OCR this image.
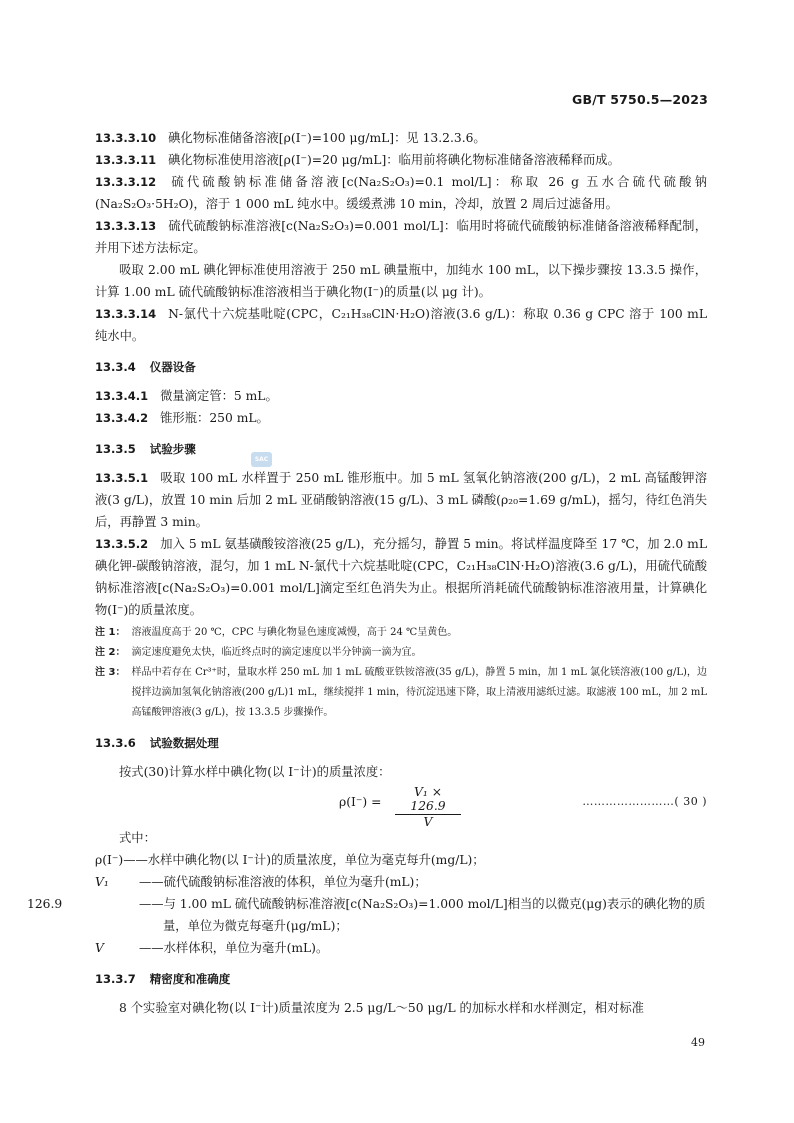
GB/T 5750.5—2023
SAC

13.3.3.10 碘化物标准储备溶液[ρ(I⁻)=100 μg/mL]：见 13.2.3.6。

13.3.3.11 碘化物标准使用溶液[ρ(I⁻)=20 μg/mL]：临用前将碘化物标准储备溶液稀释而成。

13.3.3.12 硫代硫酸钠标准储备溶液[c(Na₂S₂O₃)=0.1 mol/L]：称取 26 g 五水合硫代硫酸钠(Na₂S₂O₃·5H₂O)，溶于 1 000 mL 纯水中。缓缓煮沸 10 min，冷却，放置 2 周后过滤备用。

13.3.3.13 硫代硫酸钠标准溶液[c(Na₂S₂O₃)=0.001 mol/L]：临用时将硫代硫酸钠标准储备溶液稀释配制，并用下述方法标定。

吸取 2.00 mL 碘化钾标准使用溶液于 250 mL 碘量瓶中，加纯水 100 mL，以下操步骤按 13.3.5 操作，计算 1.00 mL 硫代硫酸钠标准溶液相当于碘化物(I⁻)的质量(以 μg 计)。

13.3.3.14 N-氯代十六烷基吡啶(CPC，C₂₁H₃₈ClN·H₂O)溶液(3.6 g/L)：称取 0.36 g CPC 溶于 100 mL 纯水中。

13.3.4 仪器设备

13.3.4.1 微量滴定管：5 mL。

13.3.4.2 锥形瓶：250 mL。

13.3.5 试验步骤

13.3.5.1 吸取 100 mL 水样置于 250 mL 锥形瓶中。加 5 mL 氢氧化钠溶液(200 g/L)，2 mL 高锰酸钾溶液(3 g/L)，放置 10 min 后加 2 mL 亚硝酸钠溶液(15 g/L)、3 mL 磷酸(ρ₂₀=1.69 g/mL)，摇匀，待红色消失后，再静置 3 min。

13.3.5.2 加入 5 mL 氨基磺酸铵溶液(25 g/L)，充分摇匀，静置 5 min。将试样温度降至 17 ℃，加 2.0 mL 碘化钾-碳酸钠溶液，混匀，加 1 mL N-氯代十六烷基吡啶(CPC，C₂₁H₃₈ClN·H₂O)溶液(3.6 g/L)，用硫代硫酸钠标准溶液[c(Na₂S₂O₃)=0.001 mol/L]滴定至红色消失为止。根据所消耗硫代硫酸钠标准溶液用量，计算碘化物(I⁻)的质量浓度。

注 1： 溶液温度高于 20 ℃，CPC 与碘化物显色速度减慢，高于 24 ℃呈黄色。
注 2： 滴定速度避免太快，临近终点时的滴定速度以半分钟滴一滴为宜。
注 3： 样品中若存在 Cr³⁺时，量取水样 250 mL 加 1 mL 硫酸亚铁铵溶液(35 g/L)，静置 5 min，加 1 mL 氯化镁溶液(100 g/L)，边搅拌边滴加氢氧化钠溶液(200 g/L)1 mL，继续搅拌 1 min，待沉淀迅速下降，取上清液用滤纸过滤。取滤液 100 mL，加 2 mL 高锰酸钾溶液(3 g/L)，按 13.3.5 步骤操作。
13.3.6 试验数据处理

按式(30)计算水样中碘化物(以 I⁻计)的质量浓度：

$\rho(I^-) = \frac{\text{V₁ × 126.9}}{V}$	……………………( 30 )

式中：

ρ(I⁻)——水样中碘化物(以 I⁻计)的质量浓度，单位为毫克每升(mg/L)；
V₁ ——硫代硫酸钠标准溶液的体积，单位为毫升(mL)；
126.9	——与 1.00 mL 硫代硫酸钠标准溶液[c(Na₂S₂O₃)=1.000 mol/L]相当的以微克(μg)表示的碘化物的质量，单位为微克每毫升(μg/mL)；
V	——水样体积，单位为毫升(mL)。
13.3.7 精密度和准确度

8 个实验室对碘化物(以 I⁻计)质量浓度为 2.5 μg/L～50 μg/L 的加标水样和水样测定，相对标准

49
